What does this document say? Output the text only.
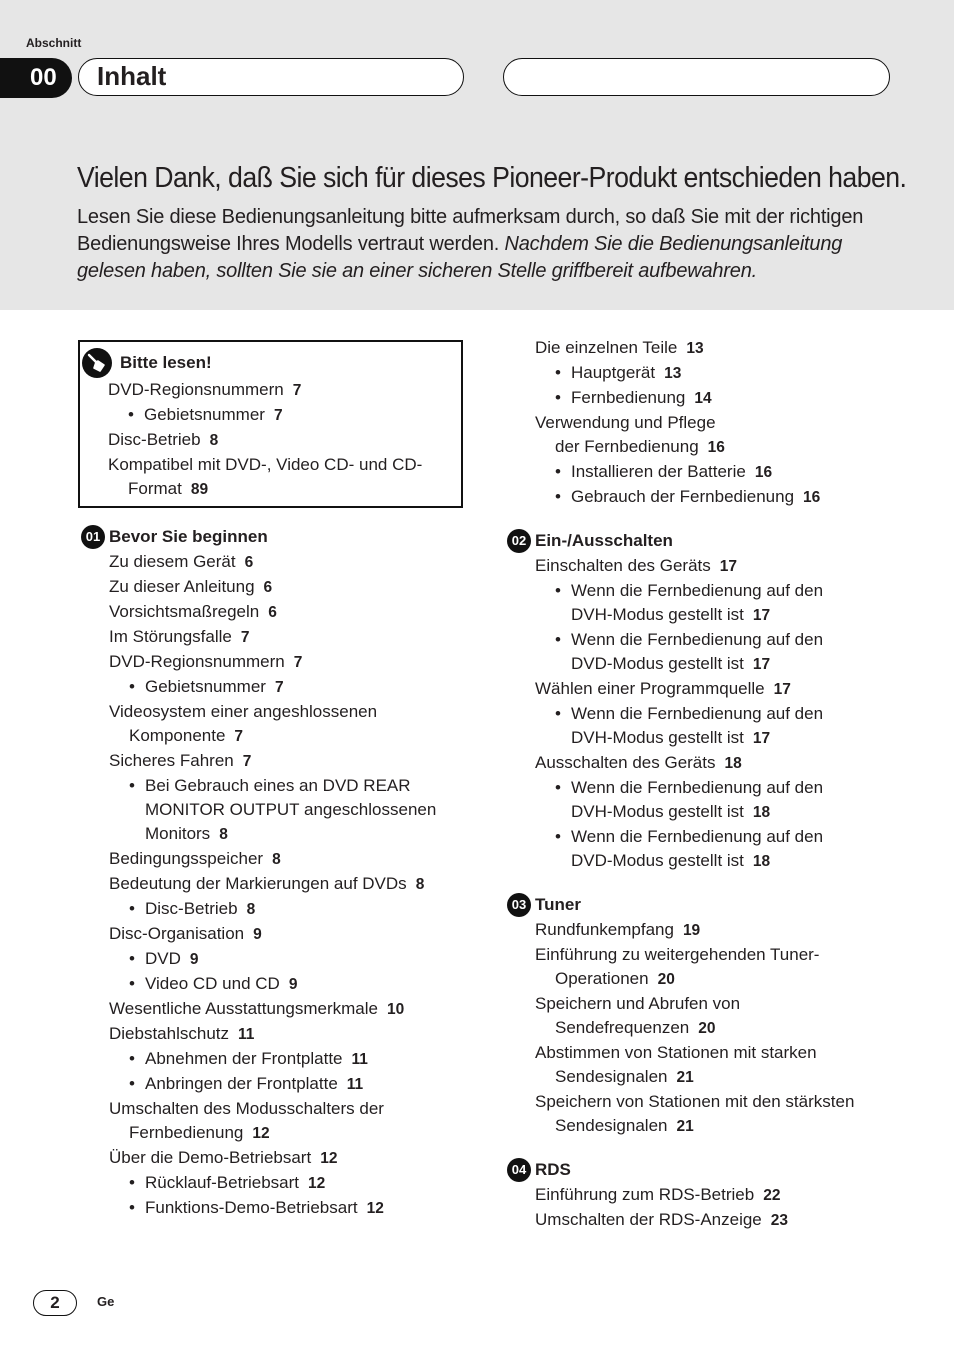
Abschnitt
00	Inhalt
Vielen Dank, daß Sie sich für dieses Pioneer-Produkt entschieden haben.
Lesen Sie diese Bedienungsanleitung bitte aufmerksam durch, so daß Sie mit der richtigen Bedienungsweise Ihres Modells vertraut werden. Nachdem Sie die Bedienungsanleitung gelesen haben, sollten Sie sie an einer sicheren Stelle griffbereit aufbewahren.
Bitte lesen!
DVD-Regionsnummern 7
• Gebietsnummer 7
Disc-Betrieb 8
Kompatibel mit DVD-, Video CD- und CD-
Format 89
01 Bevor Sie beginnen
Zu diesem Gerät 6
Zu dieser Anleitung 6
Vorsichtsmaßregeln 6
Im Störungsfalle 7
DVD-Regionsnummern 7
• Gebietsnummer 7
Videosystem einer angeshlossenen
Komponente 7
Sicheres Fahren 7
• Bei Gebrauch eines an DVD REAR
MONITOR OUTPUT angeschlossenen
Monitors 8
Bedingungsspeicher 8
Bedeutung der Markierungen auf DVDs 8
• Disc-Betrieb 8
Disc-Organisation 9
• DVD 9
• Video CD und CD 9
Wesentliche Ausstattungsmerkmale 10
Diebstahlschutz 11
• Abnehmen der Frontplatte 11
• Anbringen der Frontplatte 11
Umschalten des Modusschalters der
Fernbedienung 12
Über die Demo-Betriebsart 12
• Rücklauf-Betriebsart 12
• Funktions-Demo-Betriebsart 12
Die einzelnen Teile 13
• Hauptgerät 13
• Fernbedienung 14
Verwendung und Pflege
der Fernbedienung 16
• Installieren der Batterie 16
• Gebrauch der Fernbedienung 16
02 Ein-/Ausschalten
Einschalten des Geräts 17
• Wenn die Fernbedienung auf den
DVH-Modus gestellt ist 17
• Wenn die Fernbedienung auf den
DVD-Modus gestellt ist 17
Wählen einer Programmquelle 17
• Wenn die Fernbedienung auf den
DVH-Modus gestellt ist 17
Ausschalten des Geräts 18
• Wenn die Fernbedienung auf den
DVH-Modus gestellt ist 18
• Wenn die Fernbedienung auf den
DVD-Modus gestellt ist 18
03 Tuner
Rundfunkempfang 19
Einführung zu weitergehenden Tuner-
Operationen 20
Speichern und Abrufen von
Sendefrequenzen 20
Abstimmen von Stationen mit starken
Sendesignalen 21
Speichern von Stationen mit den stärksten
Sendesignalen 21
04 RDS
Einführung zum RDS-Betrieb 22
Umschalten der RDS-Anzeige 23
2	Ge
